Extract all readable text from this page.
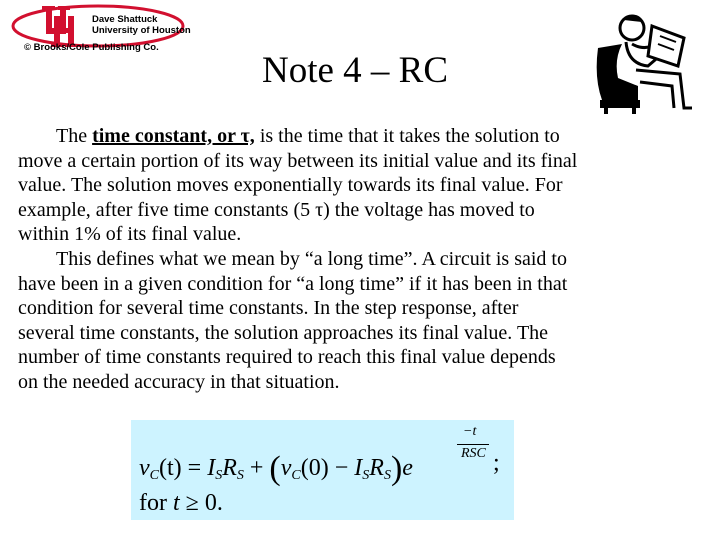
UH
Dave Shattuck
University of Houston
© Brooks/Cole Publishing Co.
Note 4 – RC
The time constant, or τ, is the time that it takes the solution to
move a certain portion of its way between its initial value and its final
value. The solution moves exponentially towards its final value. For
example, after five time constants (5 τ) the voltage has moved to
within 1% of its final value.
This defines what we mean by “a long time”. A circuit is said to
have been in a given condition for “a long time” if it has been in that
condition for several time constants. In the step response, after
several time constants, the solution approaches its final value. The
number of time constants required to reach this final value depends
on the needed accuracy in that situation.
$v_C(t) = I_SR_S + (v_C(0) - I_SR_S)e$
−t
RSC ;
for t ≥ 0.
